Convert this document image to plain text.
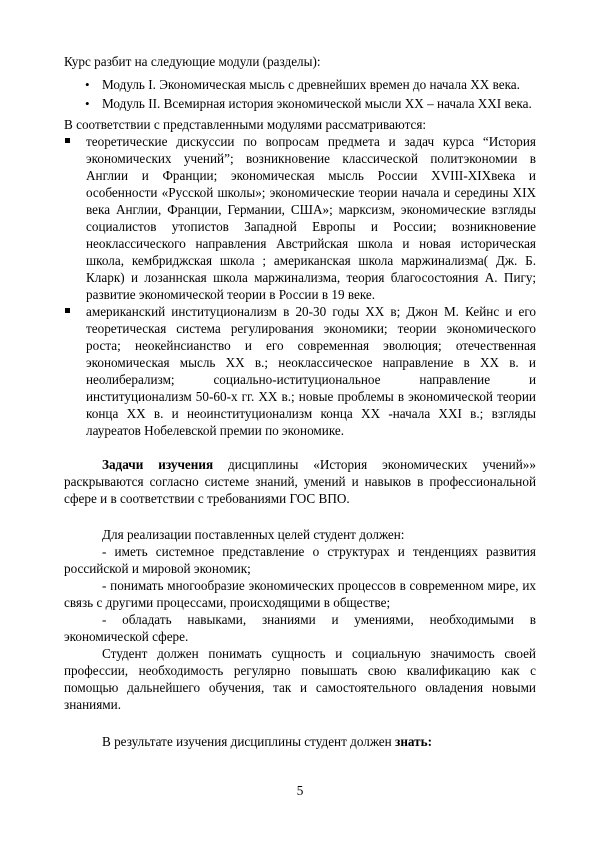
Курс разбит на следующие модули (разделы):

• Модуль I. Экономическая мысль с древнейших времен до начала XX века.
• Модуль II. Всемирная история экономической мысли XX – начала XXI века.

В соответствии с представленными модулями рассматриваются:

теоретические дискуссии по вопросам предмета и задач курса “История экономических учений”; возникновение классической политэкономии в Англии и Франции; экономическая мысль России XVIII-XIXвека и особенности «Русской школы»; экономические теории начала и середины XIX века Англии, Франции, Германии, США»; марксизм, экономические взгляды социалистов утопистов Западной Европы и России; возникновение неоклассического направления Австрийская школа и новая историческая школа, кембриджская школа ; американская школа маржинализма( Дж. Б. Кларк) и лозаннская школа маржинализма, теория благосостояния А. Пигу; развитие экономической теории в России в 19 веке.
американский институционализм в 20-30 годы XX в; Джон М. Кейнс и его теоретическая система регулирования экономики; теории экономического роста; неокейнсианство и его современная эволюция; отечественная экономическая мысль XX в.; неоклассическое направление в XX в. и неолиберализм; социально-иституциональное направление и институционализм 50-60-х гг. XX в.; новые проблемы в экономической теории конца XX в. и неоинституционализм конца XX -начала XXI в.; взгляды лауреатов Нобелевской премии по экономике.

Задачи изучения дисциплины «История экономических учений»» раскрываются согласно системе знаний, умений и навыков в профессиональной сфере и в соответствии с требованиями ГОС ВПО.

Для реализации поставленных целей студент должен:

- иметь системное представление о структурах и тенденциях развития российской и мировой экономик;

- понимать многообразие экономических процессов в современном мире, их связь с другими процессами, происходящими в обществе;

- обладать навыками, знаниями и умениями, необходимыми в экономической сфере.

Студент должен понимать сущность и социальную значимость своей профессии, необходимость регулярно повышать свою квалификацию как с помощью дальнейшего обучения, так и самостоятельного овладения новыми знаниями.

В результате изучения дисциплины студент должен знать:

5
